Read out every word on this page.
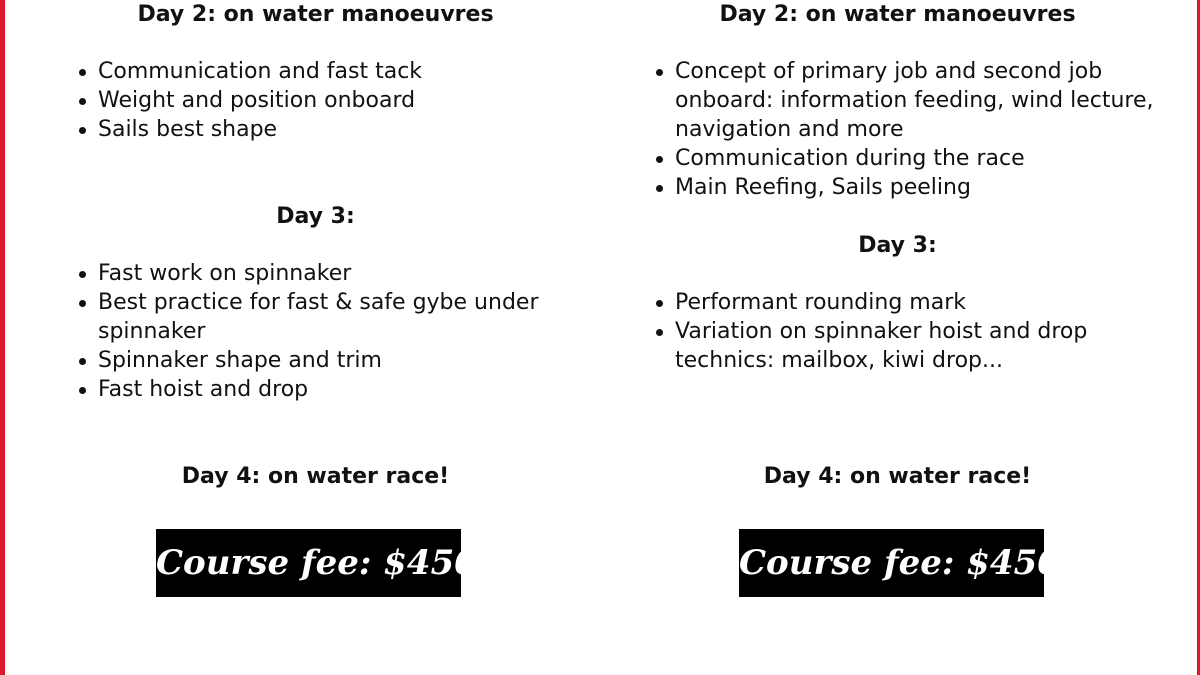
Day 2: on water manoeuvres
Communication and fast tack
Weight and position onboard
Sails best shape
Day 3:
Fast work on spinnaker
Best practice for fast & safe gybe under spinnaker
Spinnaker shape and trim
Fast hoist and drop
Day 4: on water race!
Course fee: $450
Day 2: on water manoeuvres
Concept of primary job and second job onboard: information feeding, wind lecture, navigation and more
Communication during the race
Main Reefing, Sails peeling
Day 3:
Performant rounding mark
Variation on spinnaker hoist and drop technics: mailbox, kiwi drop...
Day 4: on water race!
Course fee: $450
